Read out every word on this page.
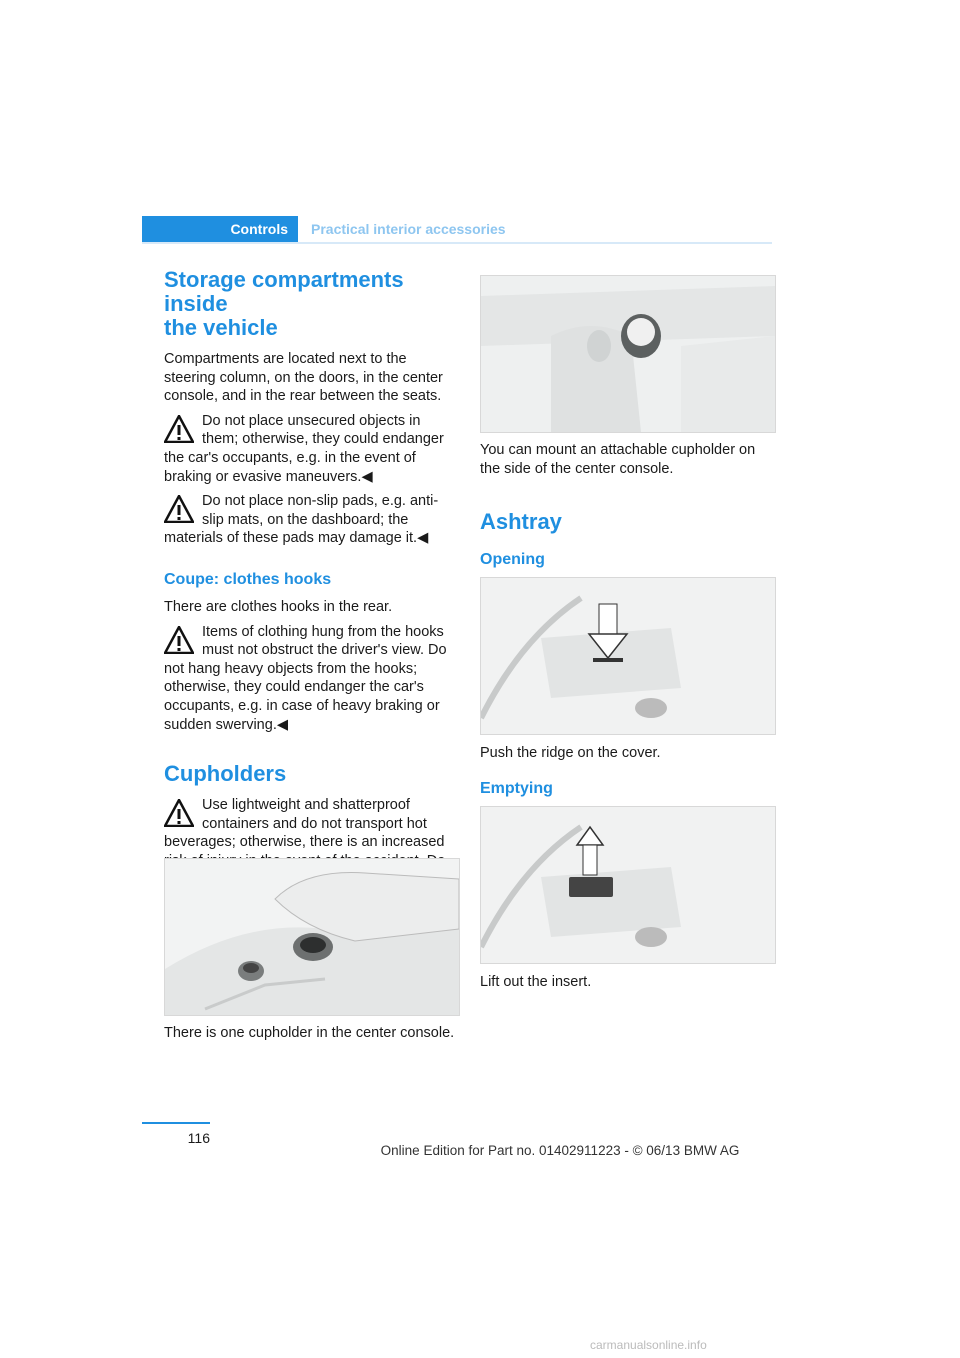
Controls Practical interior accessories
Storage compartments inside
the vehicle

Compartments are located next to the steering column, on the doors, in the center console, and in the rear between the seats.

Do not place unsecured objects in them; otherwise, they could endanger the car's occupants, e.g. in the event of braking or evasive maneuvers.◀

Do not place non-slip pads, e.g. anti-slip mats, on the dashboard; the materials of these pads may damage it.◀

Coupe: clothes hooks

There are clothes hooks in the rear.

Items of clothing hung from the hooks must not obstruct the driver's view. Do not hang heavy objects from the hooks; otherwise, they could endanger the car's occupants, e.g. in case of heavy braking or sudden swerving.◀

Cupholders

Use lightweight and shatterproof containers and do not transport hot beverages; otherwise, there is an increased

There is one cupholder in the center console.

You can mount an attachable cupholder on the side of the center console.

Ashtray
Opening

Push the ridge on the cover.

Emptying

Lift out the insert.

116
Online Edition for Part no. 01402911223 - © 06/13 BMW AG
carmanualsonline.info
